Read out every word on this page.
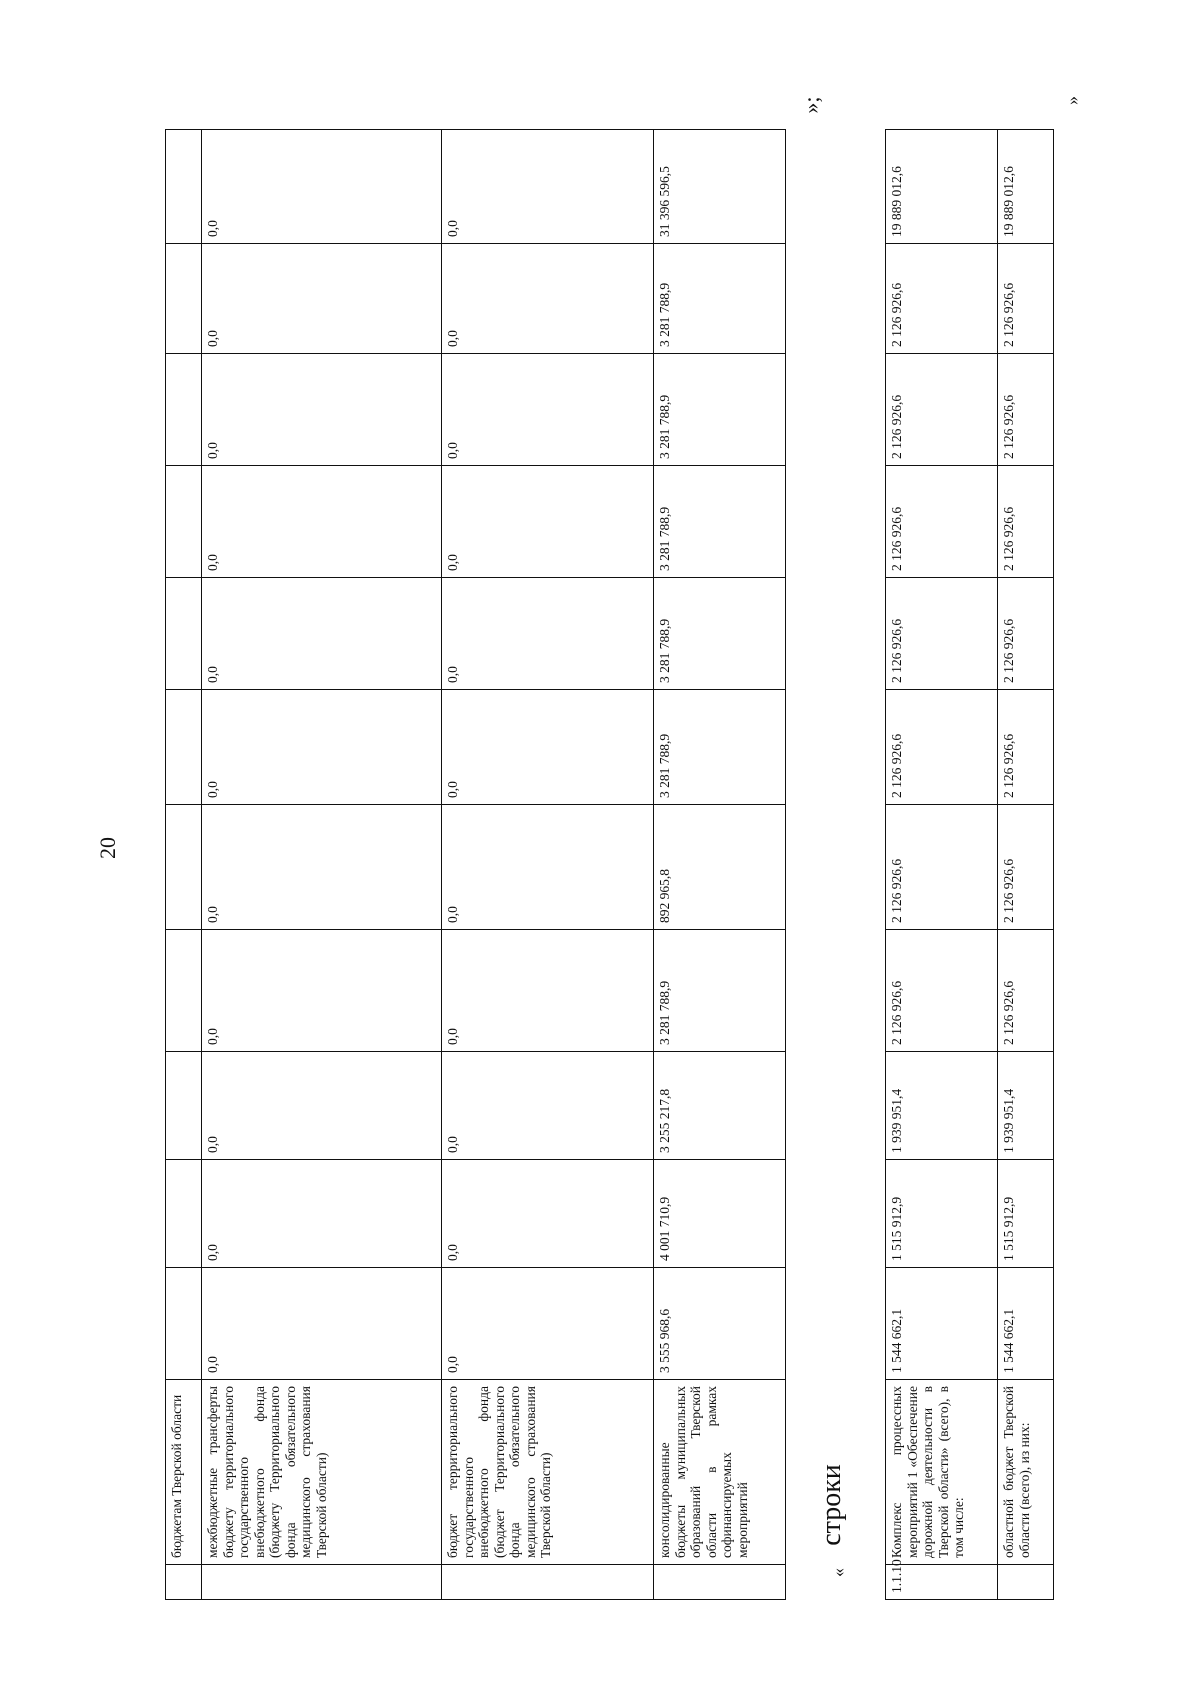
20
	бюджетам Тверской области											
	межбюджетные трансферты бюджету территориального государственного внебюджетного фонда (бюджету Территориального фонда обязательного медицинского страхования Тверской области)	0,0	0,0	0,0	0,0	0,0	0,0	0,0	0,0	0,0	0,0	0,0
	бюджет территориального государственного внебюджетного фонда (бюджет Территориального фонда обязательного медицинского страхования Тверской области)	0,0	0,0	0,0	0,0	0,0	0,0	0,0	0,0	0,0	0,0	0,0
	консолидированные бюджеты муниципальных образований Тверской области в рамках софинансируемых мероприятий	3 555 968,6	4 001 710,9	3 255 217,8	3 281 788,9	892 965,8	3 281 788,9	3 281 788,9	3 281 788,9	3 281 788,9	3 281 788,9	31 396 596,5
»;
строки
«	1.1.10	Комплекс процессных мероприятий 1 «Обеспечение дорожной деятельности в Тверской области» (всего), в том числе:	1 544 662,1	1 515 912,9	1 939 951,4	2 126 926,6	2 126 926,6	2 126 926,6	2 126 926,6	2 126 926,6	2 126 926,6	2 126 926,6	19 889 012,6
	областной бюджет Тверской области (всего), из них:	1 544 662,1	1 515 912,9	1 939 951,4	2 126 926,6	2 126 926,6	2 126 926,6	2 126 926,6	2 126 926,6	2 126 926,6	2 126 926,6	19 889 012,6
»
